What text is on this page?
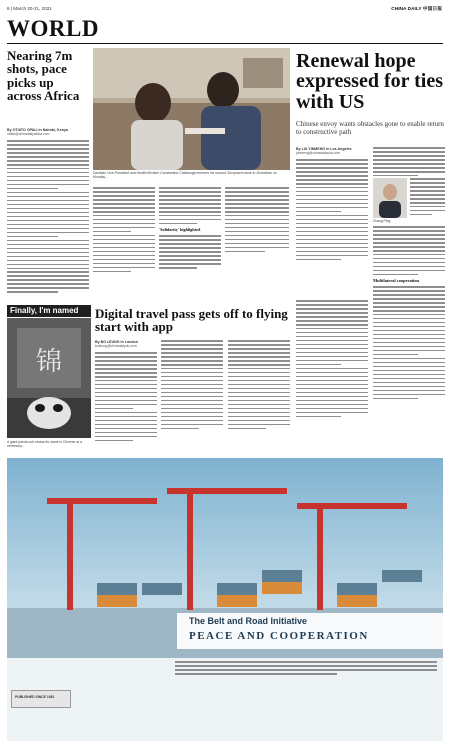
8 | March 20-21, 2021	CHINA DAILY 中国日报
WORLD
Nearing 7m shots, pace picks up across Africa
By OTIATO OPALI in Nairobi, Kenya
otiato@chinadailyafrica.com
Zambian Vice-President and Health Minister Constantino Chitalanga receives his second Sinopharm dose in Zimbabwe on Monday...
'Solidarity' highlighted
Renewal hope expressed for ties with US
Chinese envoy wants obstacles gone to enable return to constructive path
By LIU YINMENG in Los Angeles
yinmeng@chinadailyusa.com
Zhang Ping
Multilateral cooperation
Finally, I'm named
锦
A giant panda cub shows its name in Chinese at a ceremony...
Digital travel pass gets off to flying start with app
By BO LEUNG in London
boleung@chinadailyuk.com
The Belt and Road Initiative
PEACE AND COOPERATION
PUBLISHED SINCE 1981
